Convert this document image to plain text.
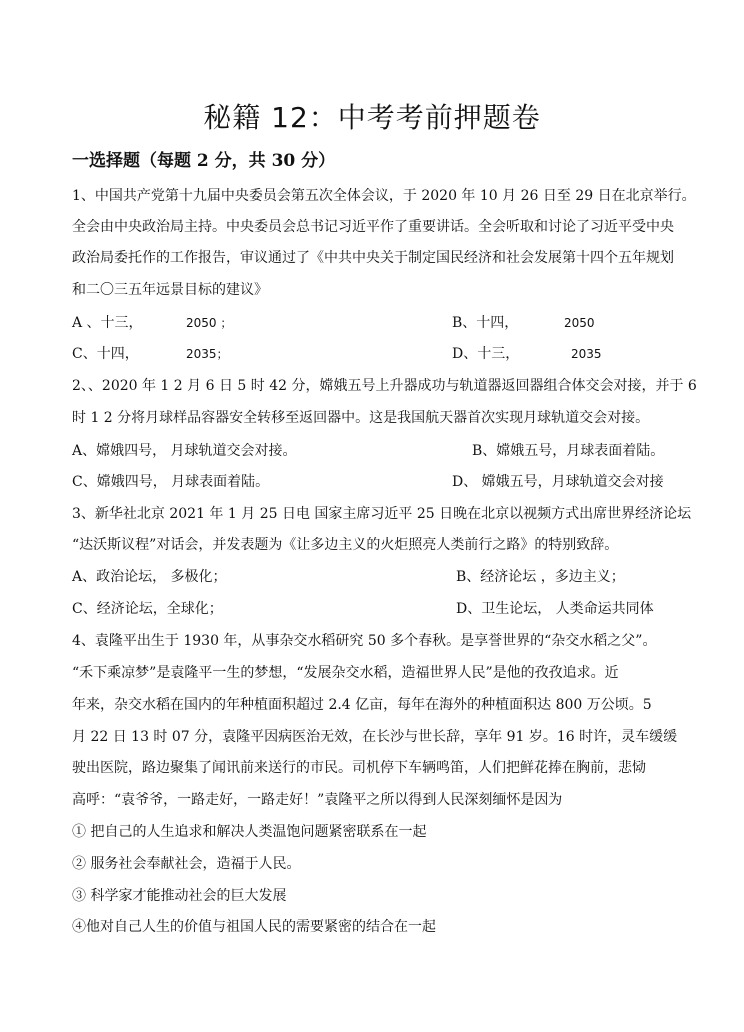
秘籍 12：中考考前押题卷
一选择题（每题 2 分，共 30 分）
1、中国共产党第十九届中央委员会第五次全体会议，于 2020 年 10 月 26 日至 29 日在北京举行。
全会由中央政治局主持。中央委员会总书记习近平作了重要讲话。全会听取和讨论了习近平受中央
政治局委托作的工作报告，审议通过了《中共中央关于制定国民经济和社会发展第十四个五年规划
和二〇三五年远景目标的建议》
A 、十三，	2050 ；	B、十四，	2050
C、十四，	2035；	D、十三，	2035
2、、2020 年 1 2 月 6 日 5 时 42 分，嫦娥五号上升器成功与轨道器返回器组合体交会对接，并于 6
时 1 2 分将月球样品容器安全转移至返回器中。这是我国航天器首次实现月球轨道交会对接。
A、嫦娥四号， 月球轨道交会对接。	B、嫦娥五号，月球表面着陆。
C、嫦娥四号， 月球表面着陆。	D、 嫦娥五号，月球轨道交会对接
3、新华社北京 2021 年 1 月 25 日电 国家主席习近平 25 日晚在北京以视频方式出席世界经济论坛
“达沃斯议程”对话会，并发表题为《让多边主义的火炬照亮人类前行之路》的特别致辞。
A、政治论坛， 多极化；	B、经济论坛 ，多边主义；
C、经济论坛，全球化；	D、卫生论坛， 人类命运共同体
4、袁隆平出生于 1930 年，从事杂交水稻研究 50 多个春秋。是享誉世界的“杂交水稻之父”。
“禾下乘凉梦”是袁隆平一生的梦想，“发展杂交水稻，造福世界人民”是他的孜孜追求。近
年来，杂交水稻在国内的年种植面积超过 2.4 亿亩，每年在海外的种植面积达 800 万公顷。5
月 22 日 13 时 07 分，袁隆平因病医治无效，在长沙与世长辞，享年 91 岁。16 时许，灵车缓缓
驶出医院，路边聚集了闻讯前来送行的市民。司机停下车辆鸣笛，人们把鲜花捧在胸前，悲恸
高呼：“袁爷爷，一路走好，一路走好！”袁隆平之所以得到人民深刻缅怀是因为
① 把自己的人生追求和解决人类温饱问题紧密联系在一起
② 服务社会奉献社会，造福于人民。
③ 科学家才能推动社会的巨大发展
④他对自己人生的价值与祖国人民的需要紧密的结合在一起
